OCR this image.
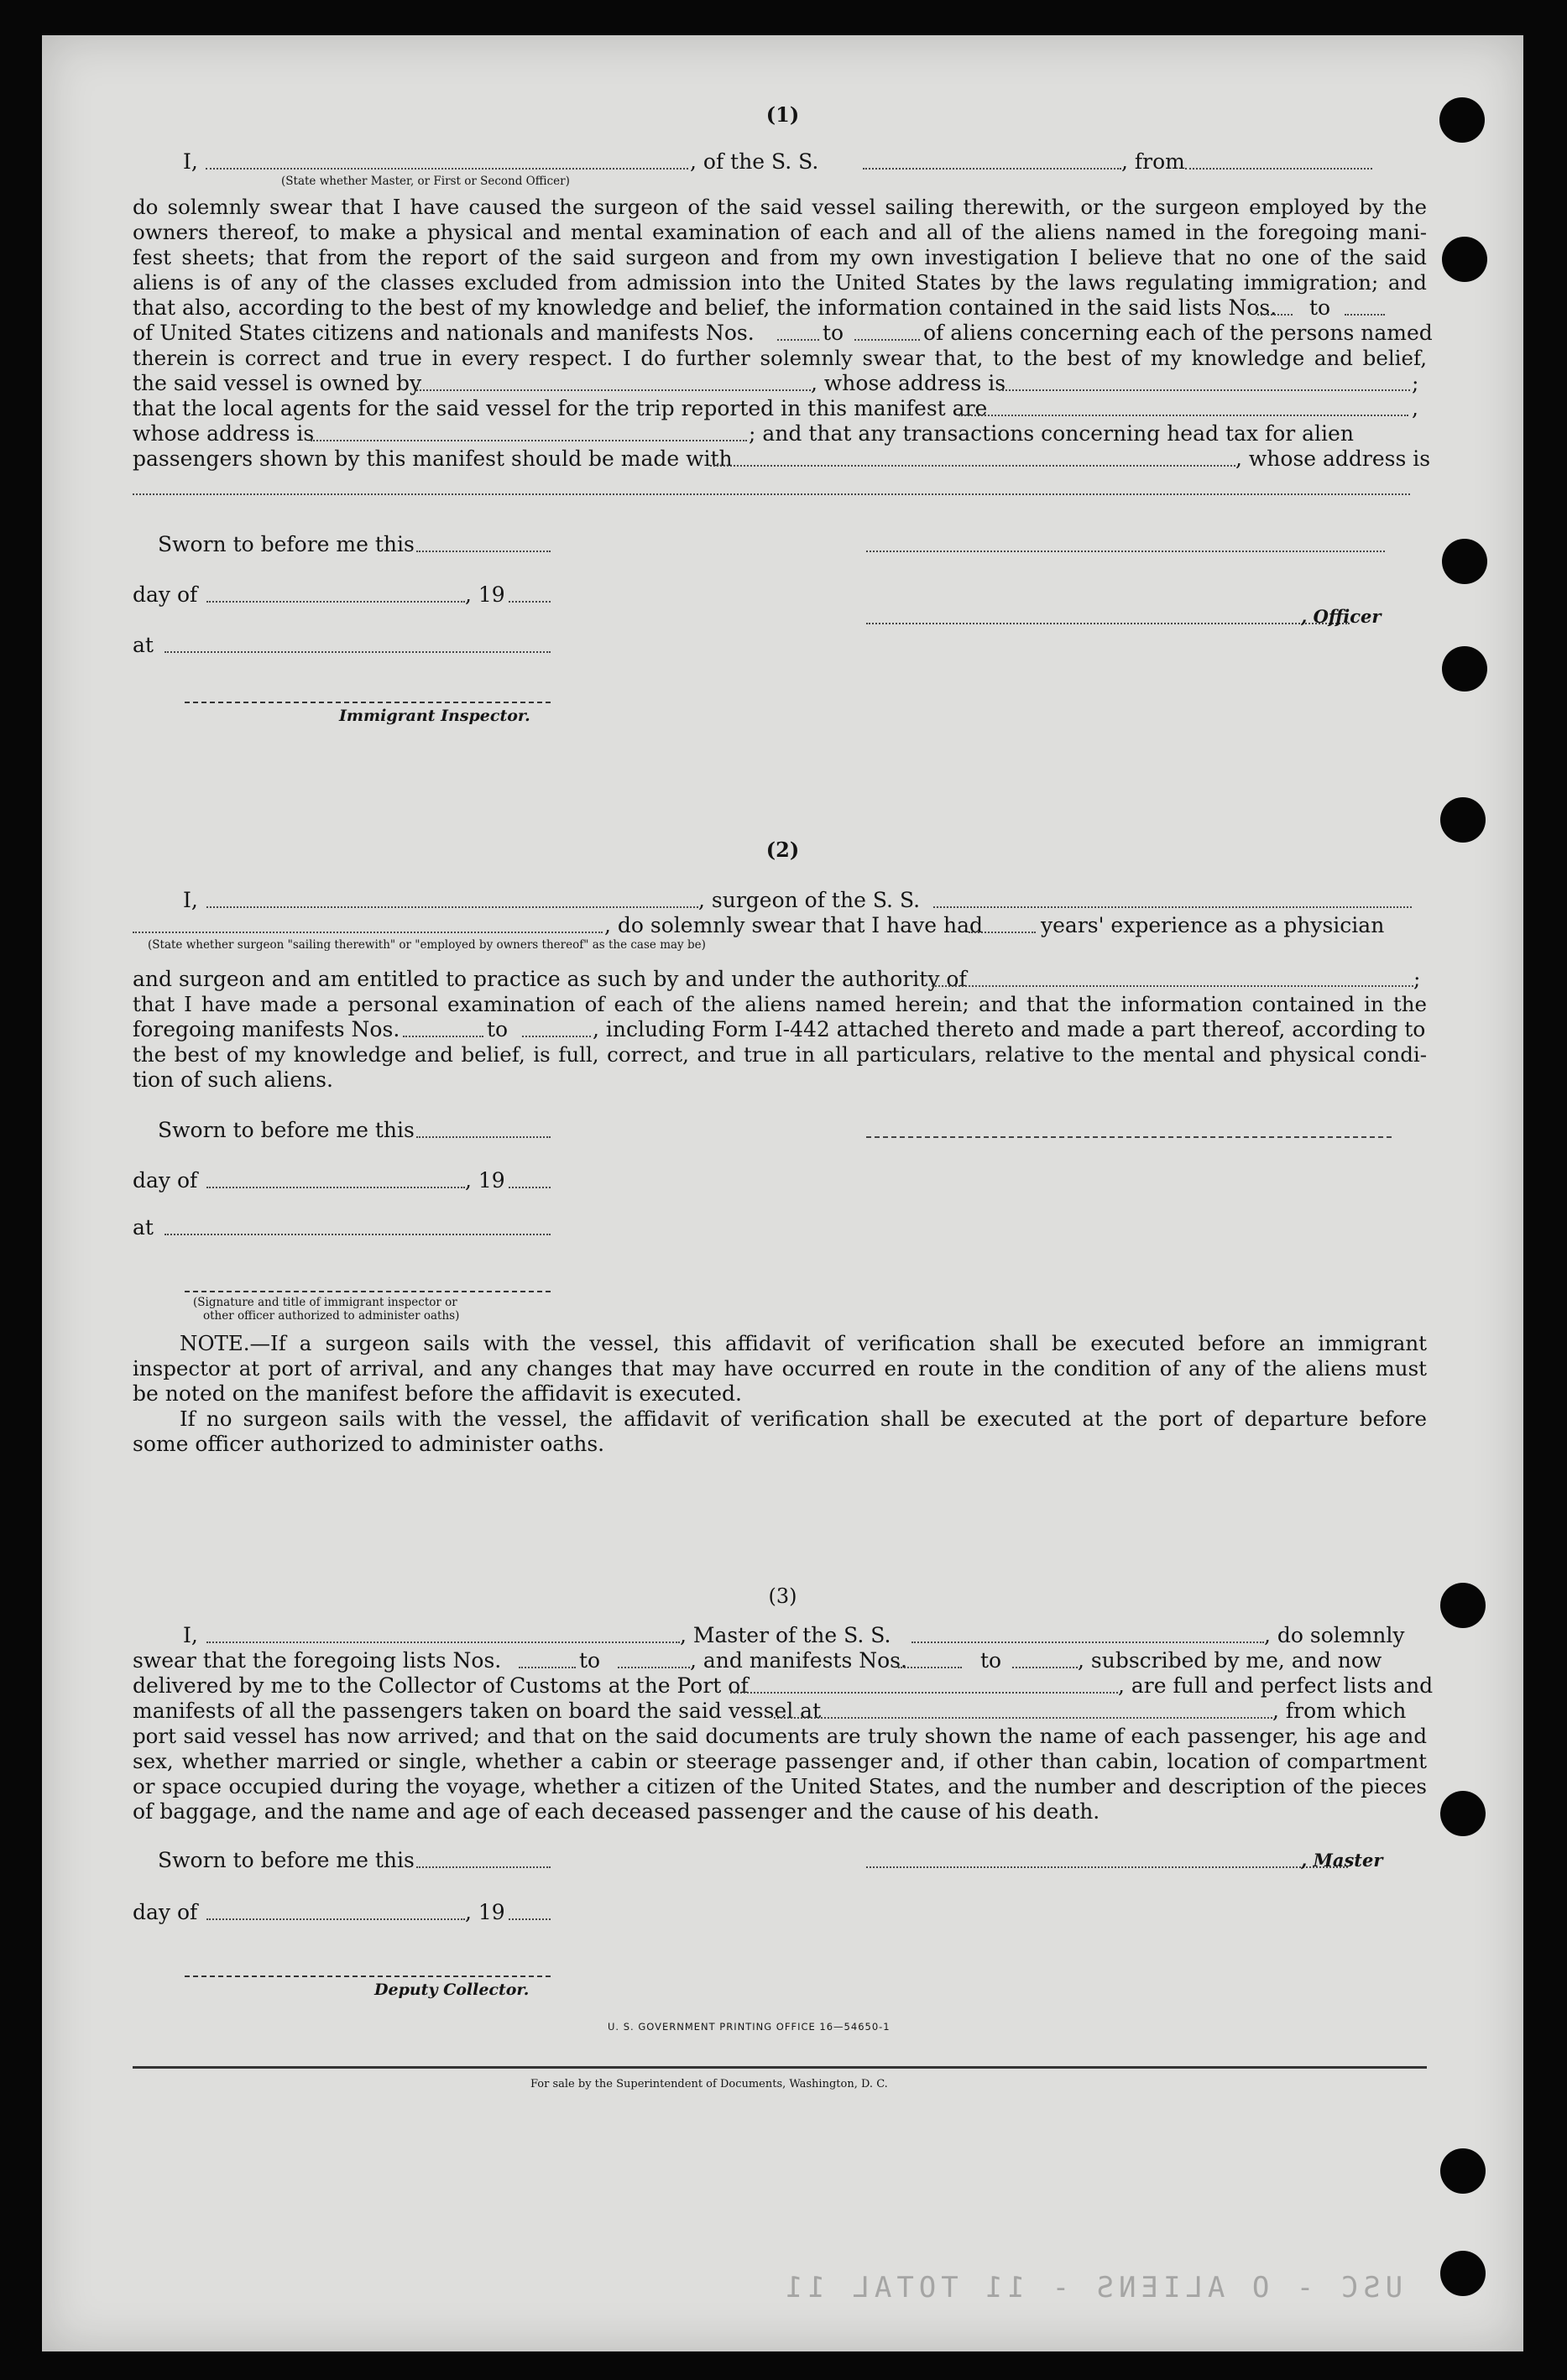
(1)
I,	, of the S. S.	, from
(State whether Master, or First or Second Officer)
do solemnly swear that I have caused the surgeon of the said vessel sailing therewith, or the surgeon employed by the
owners thereof, to make a physical and mental examination of each and all of the aliens named in the foregoing mani-
fest sheets; that from the report of the said surgeon and from my own investigation I believe that no one of the said
aliens is of any of the classes excluded from admission into the United States by the laws regulating immigration; and
that also, according to the best of my knowledge and belief, the information contained in the said lists Nos. to
of United States citizens and nationals and manifests Nos.	to	of aliens concerning each of the persons named
therein is correct and true in every respect. I do further solemnly swear that, to the best of my knowledge and belief,
the said vessel is owned by	, whose address is	;
that the local agents for the said vessel for the trip reported in this manifest are	,
whose address is	; and that any transactions concerning head tax for alien
passengers shown by this manifest should be made with	, whose address is
Sworn to before me this
day of	, 19
, Officer
at
Immigrant Inspector.
(2)
I,	, surgeon of the S. S.
, do solemnly swear that I have had	years' experience as a physician
(State whether surgeon "sailing therewith" or "employed by owners thereof" as the case may be)
and surgeon and am entitled to practice as such by and under the authority of	;
that I have made a personal examination of each of the aliens named herein; and that the information contained in the
foregoing manifests Nos.	to	, including Form I-442 attached thereto and made a part thereof, according to
the best of my knowledge and belief, is full, correct, and true in all particulars, relative to the mental and physical condi-
tion of such aliens.
Sworn to before me this
day of	, 19
at
(Signature and title of immigrant inspector or
other officer authorized to administer oaths)
NOTE.—If a surgeon sails with the vessel, this affidavit of verification shall be executed before an immigrant
inspector at port of arrival, and any changes that may have occurred en route in the condition of any of the aliens must
be noted on the manifest before the affidavit is executed.
If no surgeon sails with the vessel, the affidavit of verification shall be executed at the port of departure before
some officer authorized to administer oaths.
(3)
I,	, Master of the S. S.	, do solemnly
swear that the foregoing lists Nos.	to	, and manifests Nos.	to	, subscribed by me, and now
delivered by me to the Collector of Customs at the Port of	, are full and perfect lists and
manifests of all the passengers taken on board the said vessel at	, from which
port said vessel has now arrived; and that on the said documents are truly shown the name of each passenger, his age and
sex, whether married or single, whether a cabin or steerage passenger and, if other than cabin, location of compartment
or space occupied during the voyage, whether a citizen of the United States, and the number and description of the pieces
of baggage, and the name and age of each deceased passenger and the cause of his death.
Sworn to before me this	, Master
day of	, 19
Deputy Collector.
U. S. GOVERNMENT PRINTING OFFICE 16—54650-1
For sale by the Superintendent of Documents, Washington, D. C.
USC - O ALIENS - 11 TOTAL 11
